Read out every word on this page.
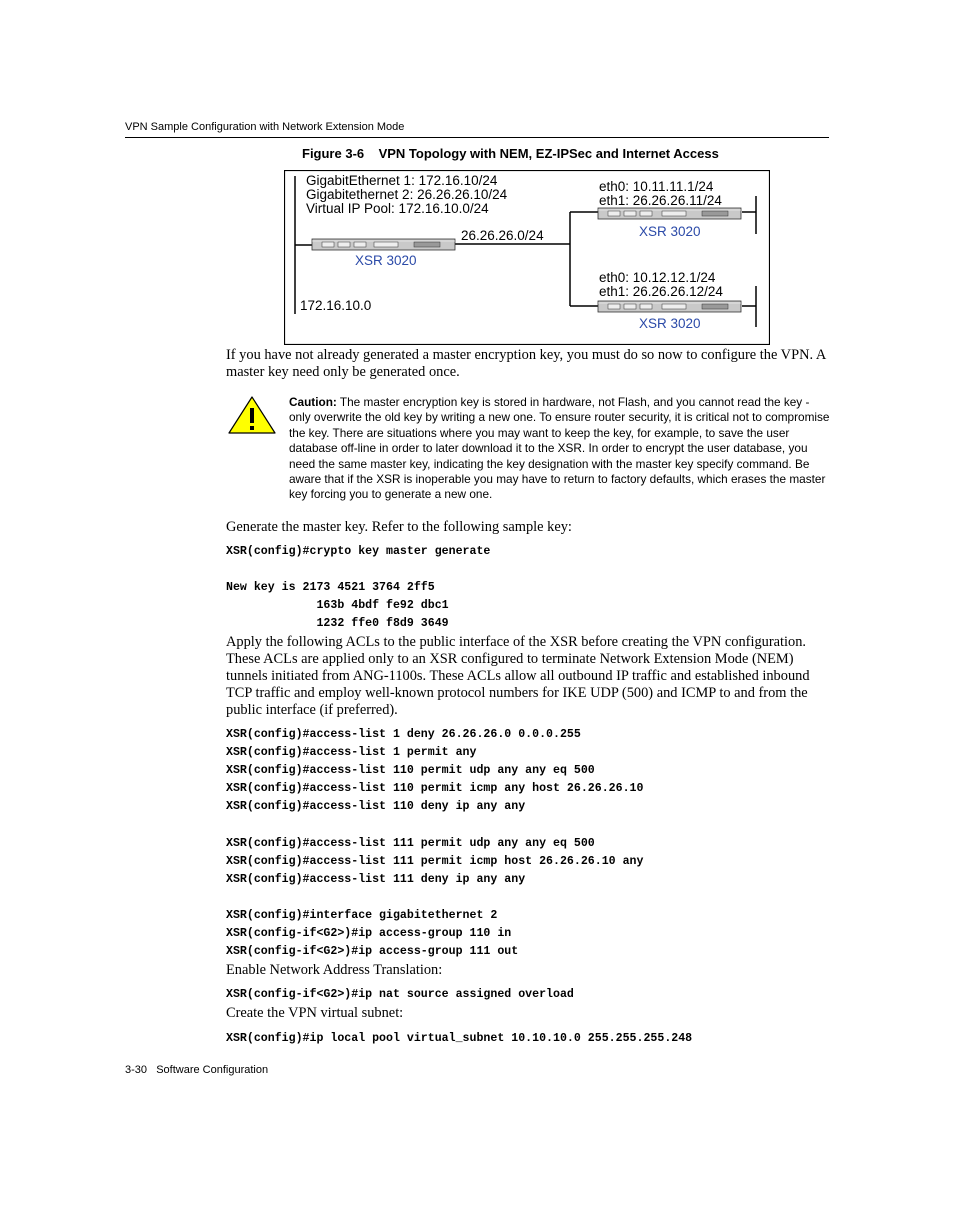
VPN Sample Configuration with Network Extension Mode
Figure 3-6 VPN Topology with NEM, EZ-IPSec and Internet Access
GigabitEthernet 1: 172.16.10/24
Gigabitethernet 2: 26.26.26.10/24
Virtual IP Pool: 172.16.10.0/24
XSR 3020
172.16.10.0
26.26.26.0/24
eth0: 10.11.11.1/24
eth1: 26.26.26.11/24
XSR 3020
eth0: 10.12.12.1/24
eth1: 26.26.26.12/24
XSR 3020
If you have not already generated a master encryption key, you must do so now to configure the VPN. A master key need only be generated once.
Caution: The master encryption key is stored in hardware, not Flash, and you cannot read the key - only overwrite the old key by writing a new one. To ensure router security, it is critical not to compromise the key. There are situations where you may want to keep the key, for example, to save the user database off-line in order to later download it to the XSR. In order to encrypt the user database, you need the same master key, indicating the key designation with the master key specify command. Be aware that if the XSR is inoperable you may have to return to factory defaults, which erases the master key forcing you to generate a new one.
Generate the master key. Refer to the following sample key:
XSR(config)#crypto key master generate

New key is 2173 4521 3764 2ff5
163b 4bdf fe92 dbc1
1232 ffe0 f8d9 3649
Apply the following ACLs to the public interface of the XSR before creating the VPN configuration. These ACLs are applied only to an XSR configured to terminate Network Extension Mode (NEM) tunnels initiated from ANG-1100s. These ACLs allow all outbound IP traffic and established inbound TCP traffic and employ well-known protocol numbers for IKE UDP (500) and ICMP to and from the public interface (if preferred).
XSR(config)#access-list 1 deny 26.26.26.0 0.0.0.255
XSR(config)#access-list 1 permit any
XSR(config)#access-list 110 permit udp any any eq 500
XSR(config)#access-list 110 permit icmp any host 26.26.26.10
XSR(config)#access-list 110 deny ip any any

XSR(config)#access-list 111 permit udp any any eq 500
XSR(config)#access-list 111 permit icmp host 26.26.26.10 any
XSR(config)#access-list 111 deny ip any any

XSR(config)#interface gigabitethernet 2
XSR(config-if<G2>)#ip access-group 110 in
XSR(config-if<G2>)#ip access-group 111 out
Enable Network Address Translation:
XSR(config-if<G2>)#ip nat source assigned overload
Create the VPN virtual subnet:
XSR(config)#ip local pool virtual_subnet 10.10.10.0 255.255.255.248
3-30 Software Configuration
